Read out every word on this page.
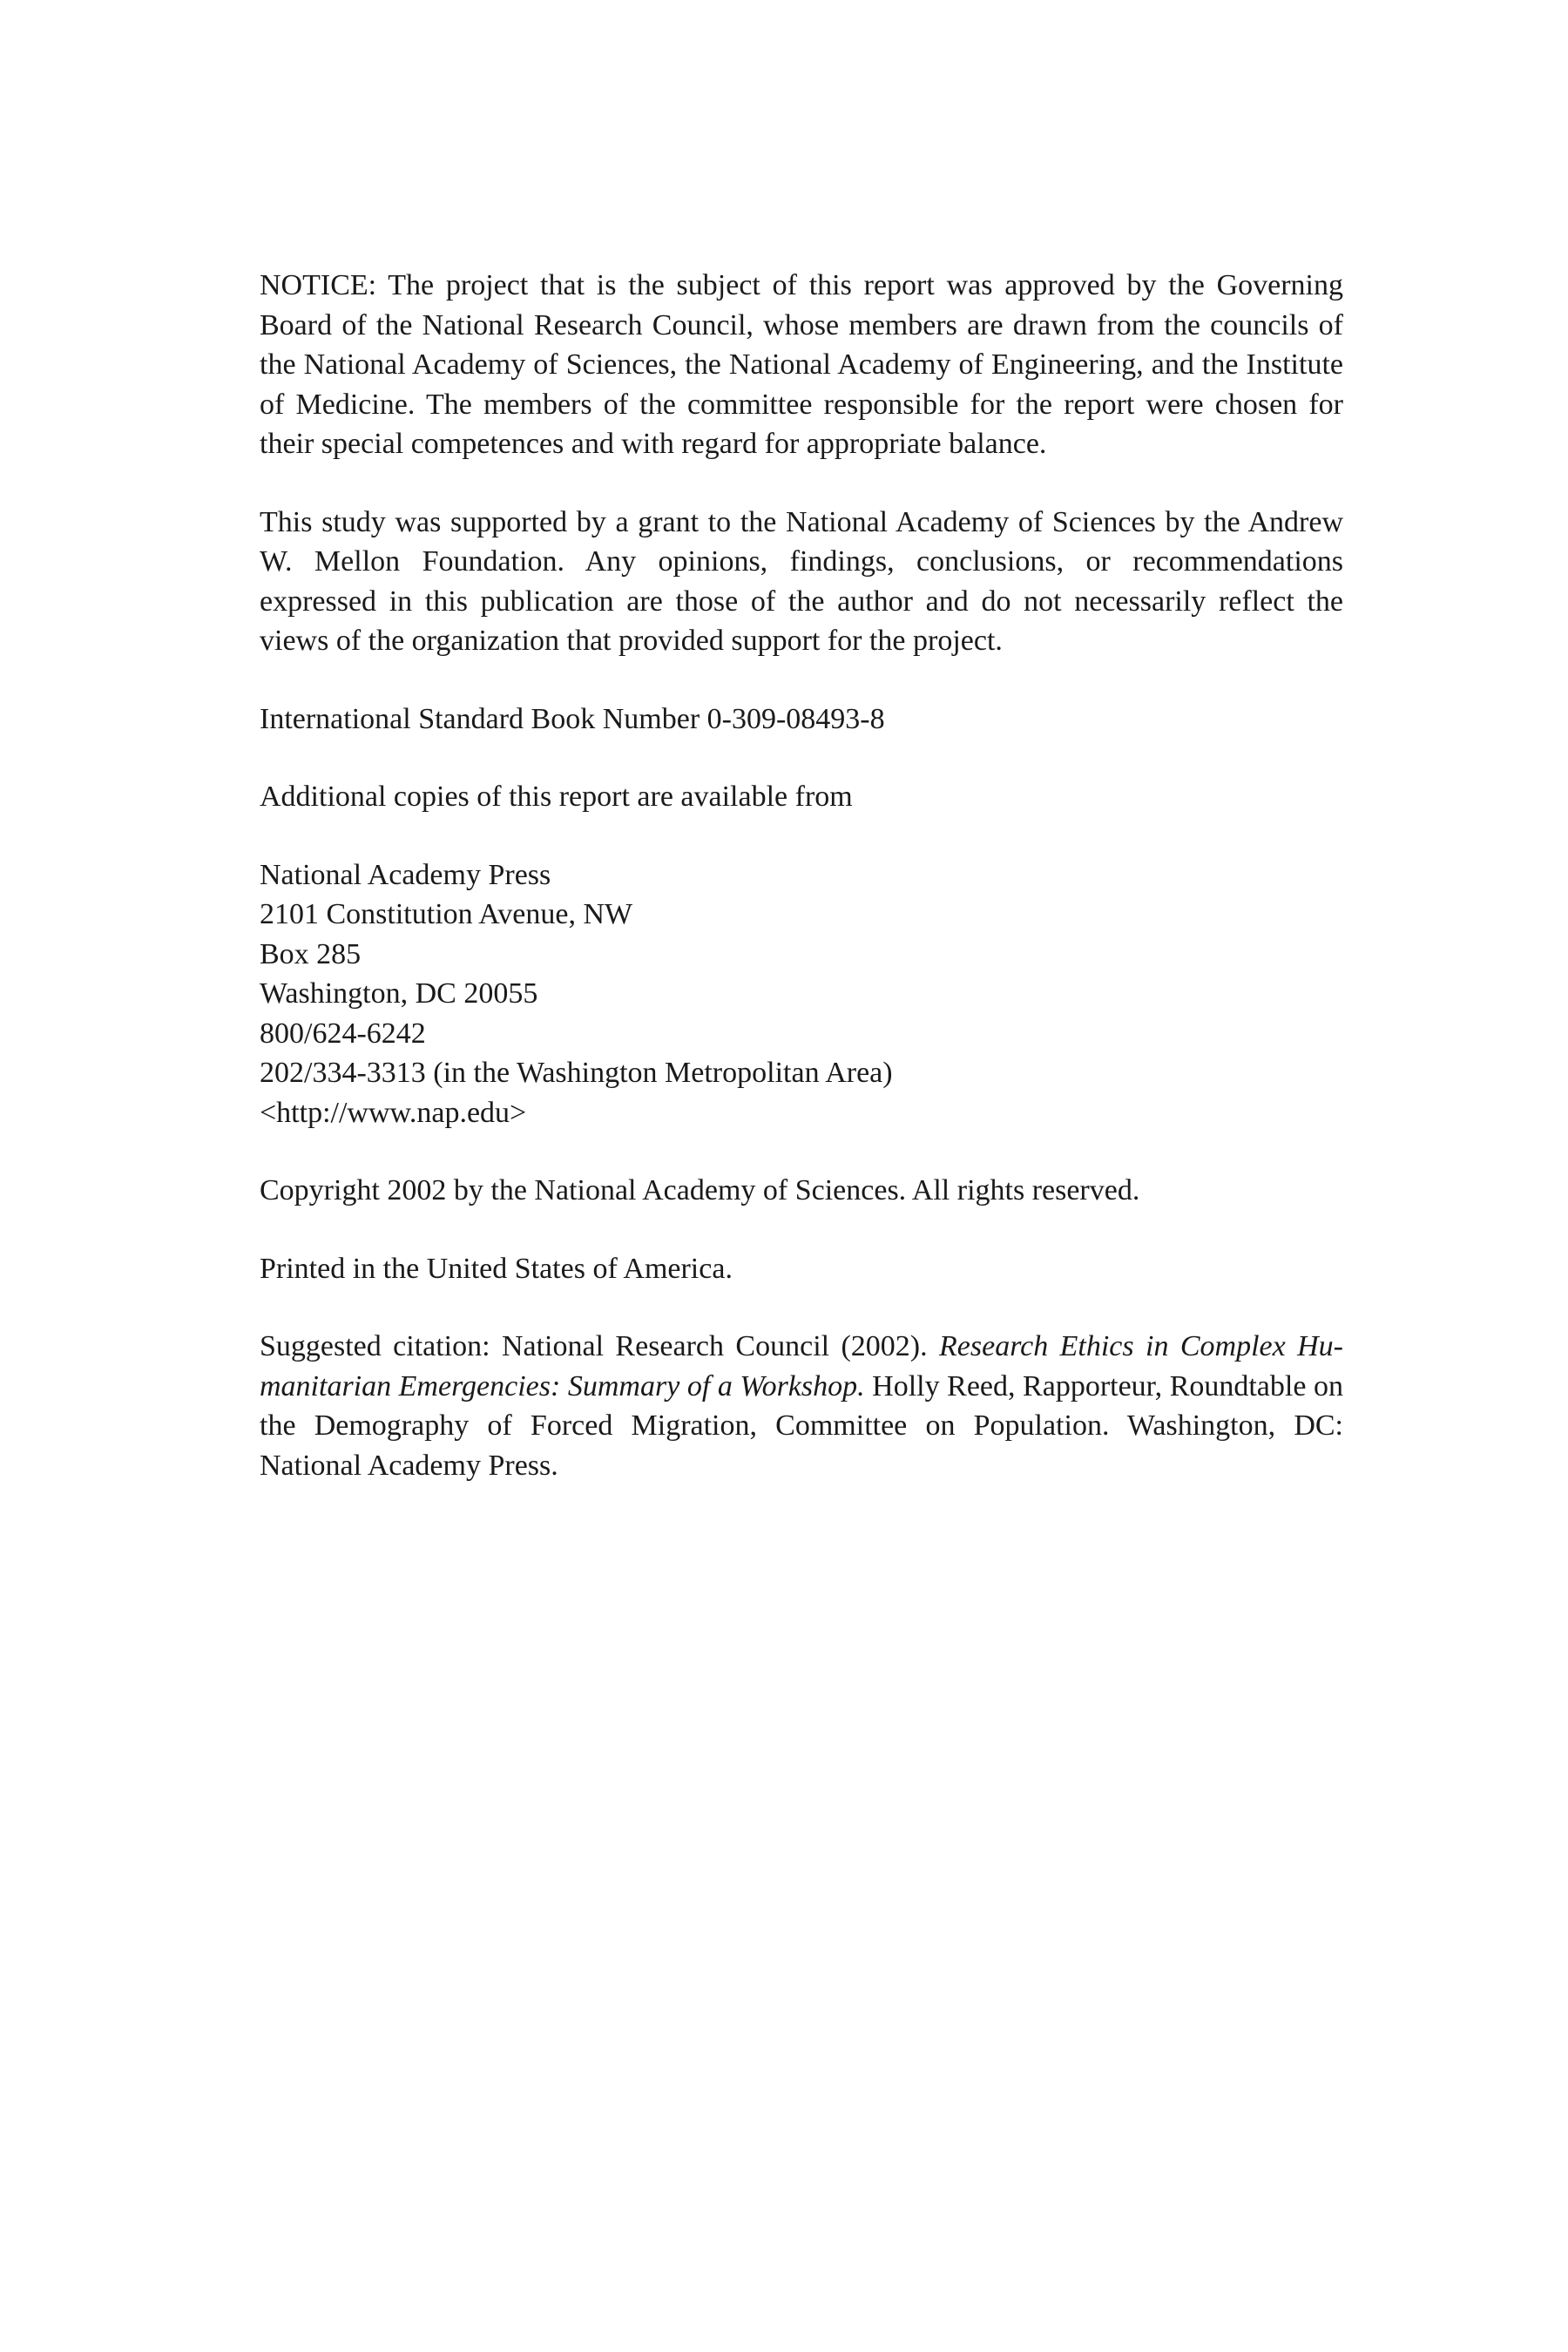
NOTICE: The project that is the subject of this report was approved by the Governing Board of the National Research Council, whose members are drawn from the councils of the National Academy of Sciences, the National Academy of Engineering, and the Institute of Medicine. The members of the committee responsible for the report were chosen for their special competences and with regard for appropriate balance.

This study was supported by a grant to the National Academy of Sciences by the Andrew W. Mellon Foundation. Any opinions, findings, conclusions, or recommendations expressed in this publication are those of the author and do not necessarily reflect the views of the organization that provided support for the project.

International Standard Book Number 0-309-08493-8

Additional copies of this report are available from

National Academy Press
2101 Constitution Avenue, NW
Box 285
Washington, DC 20055
800/624-6242
202/334-3313 (in the Washington Metropolitan Area)
<http://www.nap.edu>

Copyright 2002 by the National Academy of Sciences. All rights reserved.

Printed in the United States of America.

Suggested citation: National Research Council (2002). Research Ethics in Complex Humanitarian Emergencies: Summary of a Workshop. Holly Reed, Rapporteur, Roundtable on the Demography of Forced Migration, Committee on Population. Washington, DC: National Academy Press.
